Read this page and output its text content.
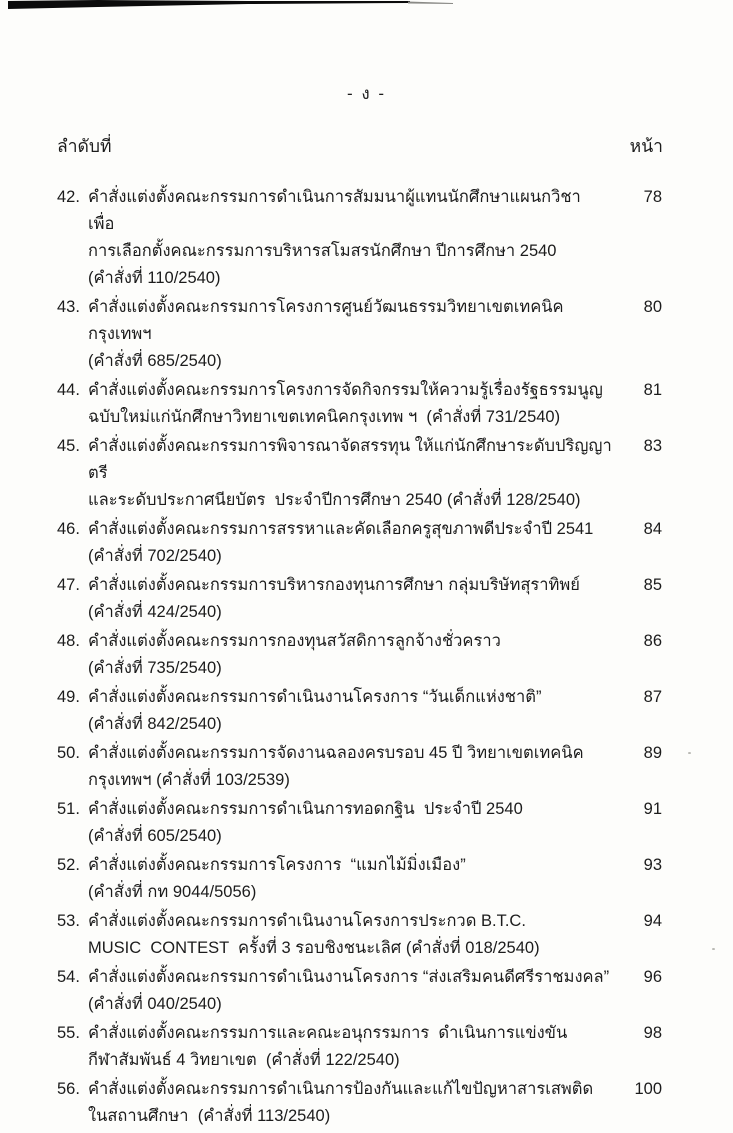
- ง -
ลำดับที่	หน้า
42. คำสั่งแต่งตั้งคณะกรรมการดำเนินการสัมมนาผู้แทนนักศึกษาแผนกวิชา  เพื่อ
การเลือกตั้งคณะกรรมการบริหารสโมสรนักศึกษา ปีการศึกษา 2540
(คำสั่งที่ 110/2540)
78
43. คำสั่งแต่งตั้งคณะกรรมการโครงการศูนย์วัฒนธรรมวิทยาเขตเทคนิคกรุงเทพฯ
(คำสั่งที่ 685/2540)
80
44. คำสั่งแต่งตั้งคณะกรรมการโครงการจัดกิจกรรมให้ความรู้เรื่องรัฐธรรมนูญ
ฉบับใหม่แก่นักศึกษาวิทยาเขตเทคนิคกรุงเทพ ฯ  (คำสั่งที่ 731/2540)
81
45. คำสั่งแต่งตั้งคณะกรรมการพิจารณาจัดสรรทุน ให้แก่นักศึกษาระดับปริญญาตรี
และระดับประกาศนียบัตร  ประจำปีการศึกษา 2540 (คำสั่งที่ 128/2540)
83
46. คำสั่งแต่งตั้งคณะกรรมการสรรหาและคัดเลือกครูสุขภาพดีประจำปี 2541
(คำสั่งที่ 702/2540)
84
47. คำสั่งแต่งตั้งคณะกรรมการบริหารกองทุนการศึกษา กลุ่มบริษัทสุราทิพย์
(คำสั่งที่ 424/2540)
85
48. คำสั่งแต่งตั้งคณะกรรมการกองทุนสวัสดิการลูกจ้างชั่วคราว
(คำสั่งที่ 735/2540)
86
49. คำสั่งแต่งตั้งคณะกรรมการดำเนินงานโครงการ “วันเด็กแห่งชาติ”
(คำสั่งที่ 842/2540)
87
50. คำสั่งแต่งตั้งคณะกรรมการจัดงานฉลองครบรอบ 45 ปี วิทยาเขตเทคนิค
กรุงเทพฯ (คำสั่งที่ 103/2539)
89
51. คำสั่งแต่งตั้งคณะกรรมการดำเนินการทอดกฐิน  ประจำปี 2540
(คำสั่งที่ 605/2540)
91
52. คำสั่งแต่งตั้งคณะกรรมการโครงการ  “แมกไม้มิ่งเมือง”
(คำสั่งที่ กท 9044/5056)
93
53. คำสั่งแต่งตั้งคณะกรรมการดำเนินงานโครงการประกวด B.T.C.
MUSIC  CONTEST  ครั้งที่ 3 รอบชิงชนะเลิศ (คำสั่งที่ 018/2540)
94
54. คำสั่งแต่งตั้งคณะกรรมการดำเนินงานโครงการ “ส่งเสริมคนดีศรีราชมงคล”
(คำสั่งที่ 040/2540)
96
55. คำสั่งแต่งตั้งคณะกรรมการและคณะอนุกรรมการ  ดำเนินการแข่งขัน
กีฬาสัมพันธ์ 4 วิทยาเขต  (คำสั่งที่ 122/2540)
98
56. คำสั่งแต่งตั้งคณะกรรมการดำเนินการป้องกันและแก้ไขปัญหาสารเสพติด
ในสถานศึกษา  (คำสั่งที่ 113/2540)
100
